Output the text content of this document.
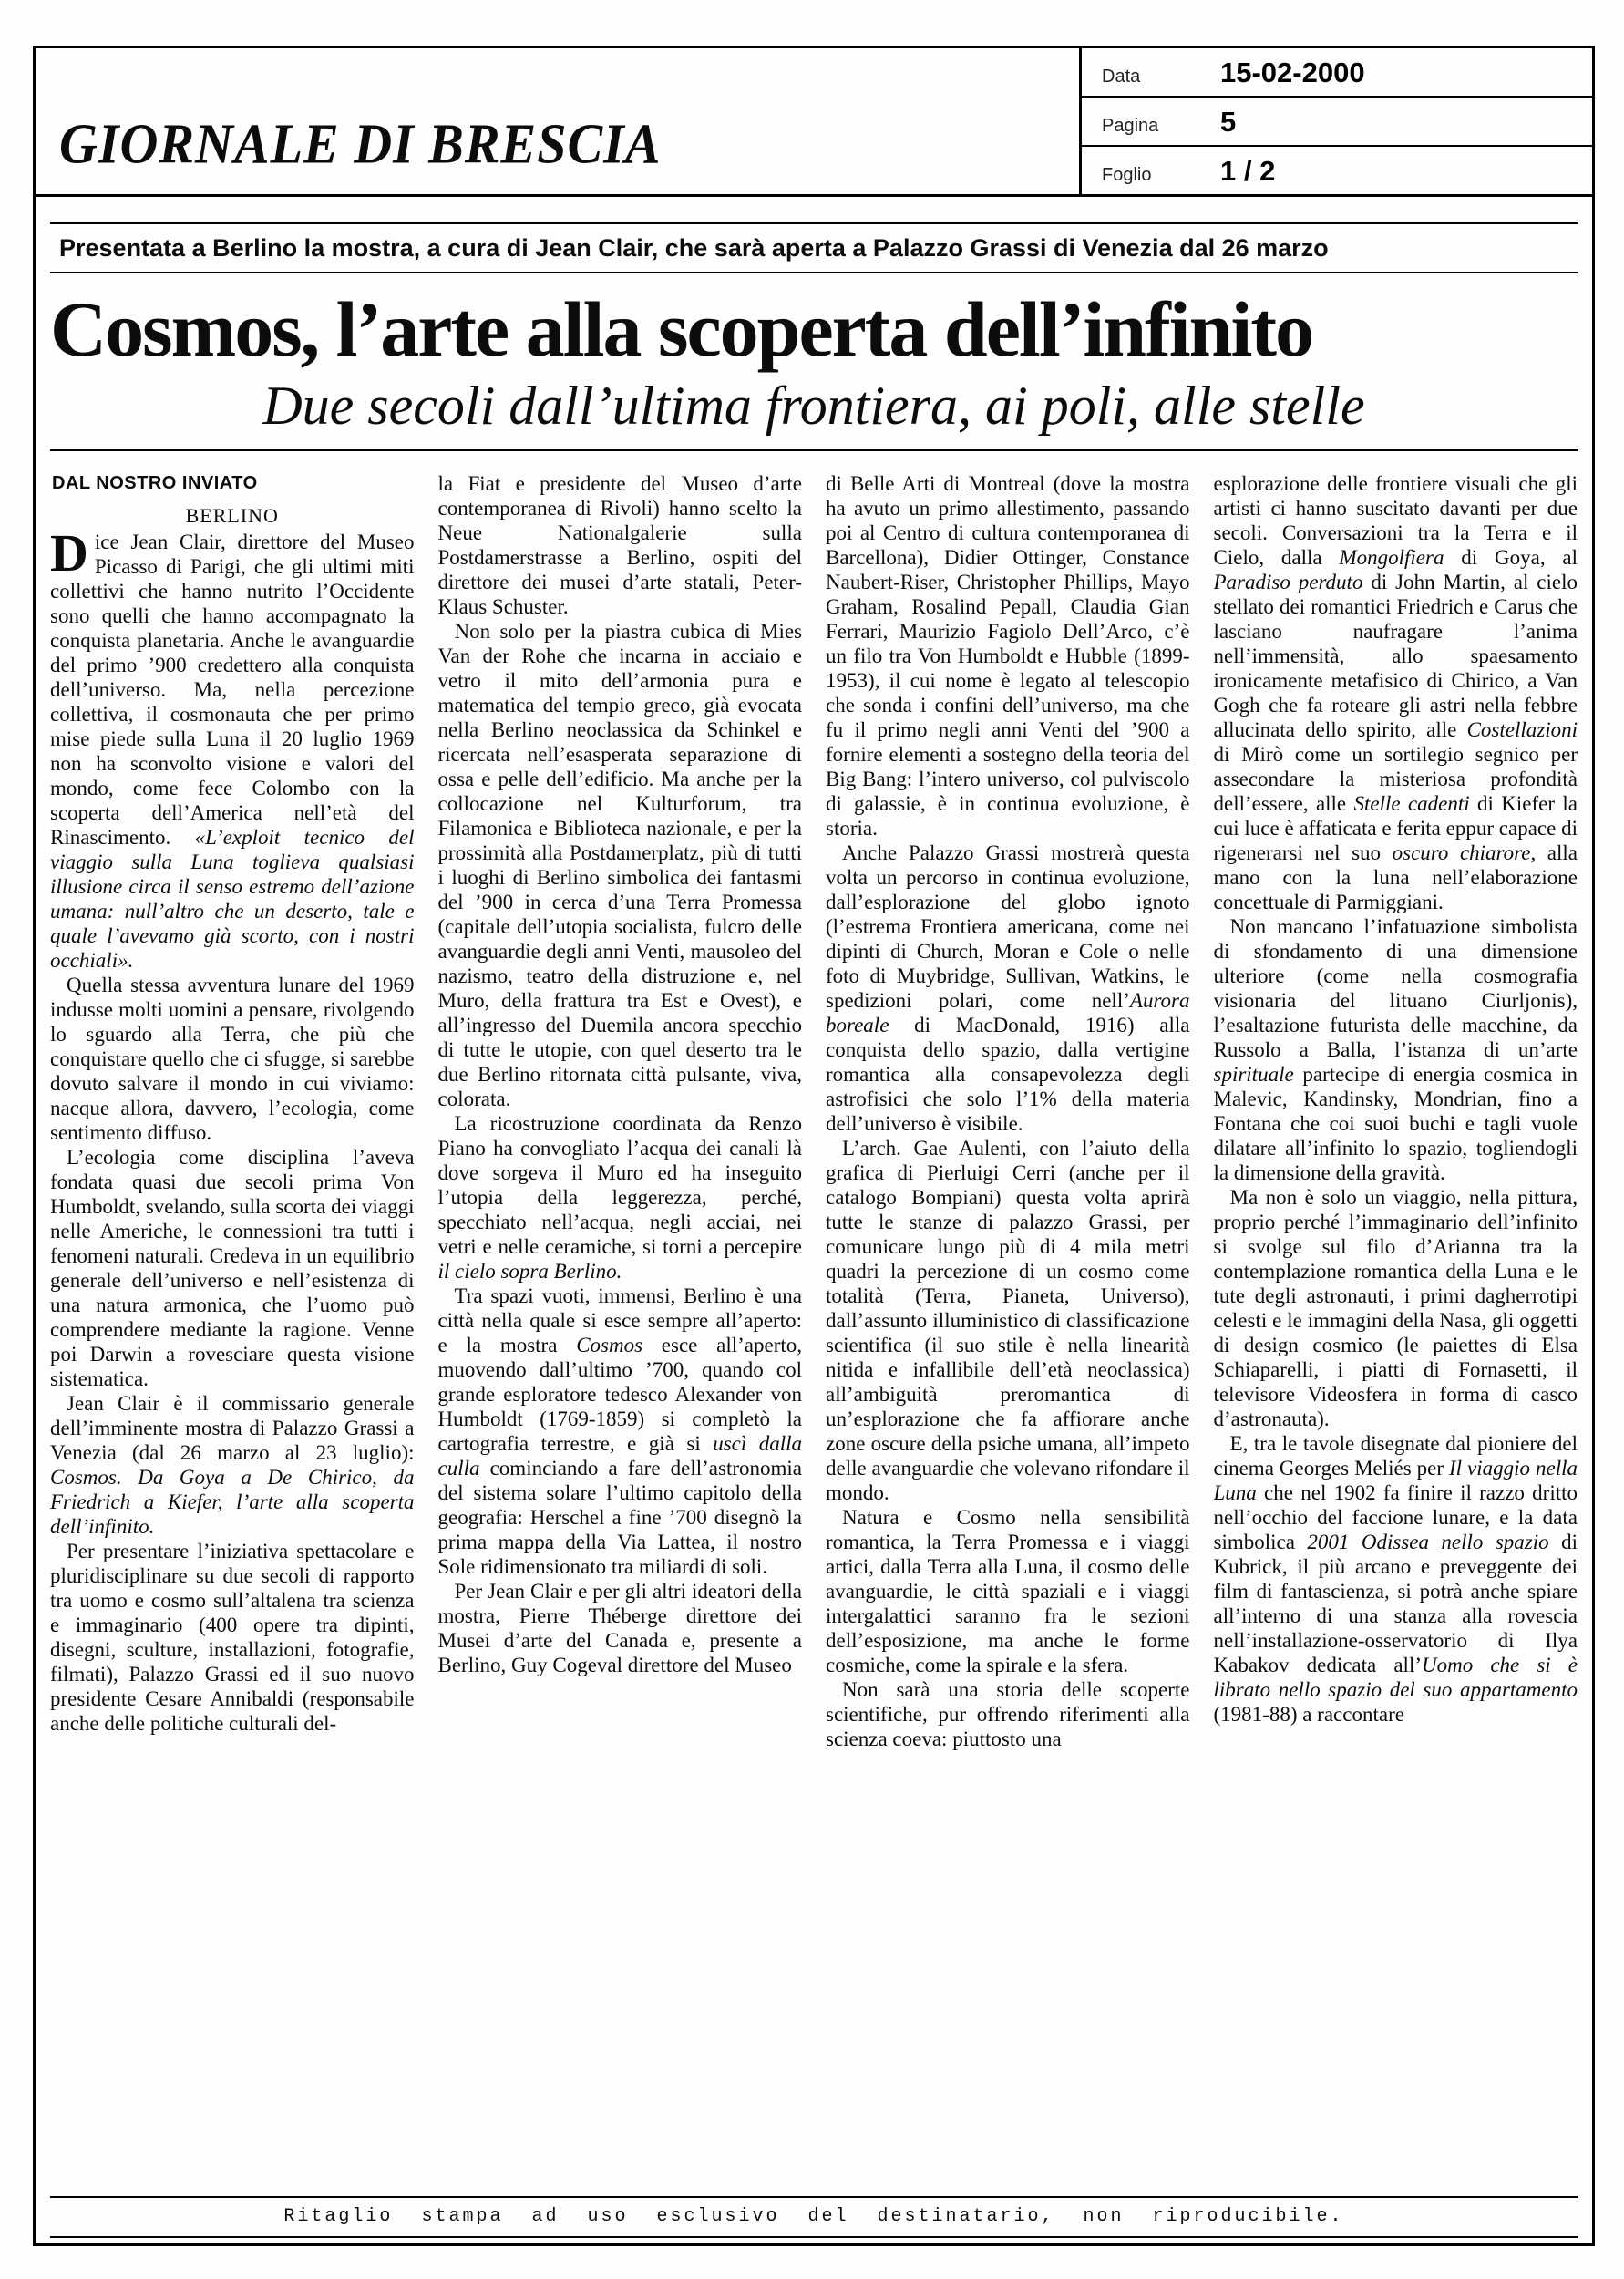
GIORNALE DI BRESCIA
Data	15-02-2000
Pagina	5
Foglio	1 / 2
Presentata a Berlino la mostra, a cura di Jean Clair, che sarà aperta a Palazzo Grassi di Venezia dal 26 marzo
Cosmos, l’arte alla scoperta dell’infinito
Due secoli dall’ultima frontiera, ai poli, alle stelle

DAL NOSTRO INVIATO

BERLINO

Dice Jean Clair, direttore del Museo Picasso di Parigi, che gli ultimi miti collettivi che hanno nutrito l’Occidente sono quelli che hanno accompagnato la conquista planetaria. Anche le avanguardie del primo ’900 credettero alla conquista dell’universo. Ma, nella percezione collettiva, il cosmonauta che per primo mise piede sulla Luna il 20 luglio 1969 non ha sconvolto visione e valori del mondo, come fece Colombo con la scoperta dell’America nell’età del Rinascimento. «L’exploit tecnico del viaggio sulla Luna toglieva qualsiasi illusione circa il senso estremo dell’azione umana: null’altro che un deserto, tale e quale l’avevamo già scorto, con i nostri occhiali».

Quella stessa avventura lunare del 1969 indusse molti uomini a pensare, rivolgendo lo sguardo alla Terra, che più che conquistare quello che ci sfugge, si sarebbe dovuto salvare il mondo in cui viviamo: nacque allora, davvero, l’ecologia, come sentimento diffuso.

L’ecologia come disciplina l’aveva fondata quasi due secoli prima Von Humboldt, svelando, sulla scorta dei viaggi nelle Americhe, le connessioni tra tutti i fenomeni naturali. Credeva in un equilibrio generale dell’universo e nell’esistenza di una natura armonica, che l’uomo può comprendere mediante la ragione. Venne poi Darwin a rovesciare questa visione sistematica.

Jean Clair è il commissario generale dell’imminente mostra di Palazzo Grassi a Venezia (dal 26 marzo al 23 luglio): Cosmos. Da Goya a De Chirico, da Friedrich a Kiefer, l’arte alla scoperta dell’infinito.

Per presentare l’iniziativa spettacolare e pluridisciplinare su due secoli di rapporto tra uomo e cosmo sull’altalena tra scienza e immaginario (400 opere tra dipinti, disegni, sculture, installazioni, fotografie, filmati), Palazzo Grassi ed il suo nuovo presidente Cesare Annibaldi (responsabile anche delle politiche culturali del-

la Fiat e presidente del Museo d’arte contemporanea di Rivoli) hanno scelto la Neue Nationalgalerie sulla Postdamerstrasse a Berlino, ospiti del direttore dei musei d’arte statali, Peter-Klaus Schuster.

Non solo per la piastra cubica di Mies Van der Rohe che incarna in acciaio e vetro il mito dell’armonia pura e matematica del tempio greco, già evocata nella Berlino neoclassica da Schinkel e ricercata nell’esasperata separazione di ossa e pelle dell’edificio. Ma anche per la collocazione nel Kulturforum, tra Filamonica e Biblioteca nazionale, e per la prossimità alla Postdamerplatz, più di tutti i luoghi di Berlino simbolica dei fantasmi del ’900 in cerca d’una Terra Promessa (capitale dell’utopia socialista, fulcro delle avanguardie degli anni Venti, mausoleo del nazismo, teatro della distruzione e, nel Muro, della frattura tra Est e Ovest), e all’ingresso del Duemila ancora specchio di tutte le utopie, con quel deserto tra le due Berlino ritornata città pulsante, viva, colorata.

La ricostruzione coordinata da Renzo Piano ha convogliato l’acqua dei canali là dove sorgeva il Muro ed ha inseguito l’utopia della leggerezza, perché, specchiato nell’acqua, negli acciai, nei vetri e nelle ceramiche, si torni a percepire il cielo sopra Berlino.

Tra spazi vuoti, immensi, Berlino è una città nella quale si esce sempre all’aperto: e la mostra Cosmos esce all’aperto, muovendo dall’ultimo ’700, quando col grande esploratore tedesco Alexander von Humboldt (1769-1859) si completò la cartografia terrestre, e già si uscì dalla culla cominciando a fare dell’astronomia del sistema solare l’ultimo capitolo della geografia: Herschel a fine ’700 disegnò la prima mappa della Via Lattea, il nostro Sole ridimensionato tra miliardi di soli.

Per Jean Clair e per gli altri ideatori della mostra, Pierre Théberge direttore dei Musei d’arte del Canada e, presente a Berlino, Guy Cogeval direttore del Museo

di Belle Arti di Montreal (dove la mostra ha avuto un primo allestimento, passando poi al Centro di cultura contemporanea di Barcellona), Didier Ottinger, Constance Naubert-Riser, Christopher Phillips, Mayo Graham, Rosalind Pepall, Claudia Gian Ferrari, Maurizio Fagiolo Dell’Arco, c’è un filo tra Von Humboldt e Hubble (1899-1953), il cui nome è legato al telescopio che sonda i confini dell’universo, ma che fu il primo negli anni Venti del ’900 a fornire elementi a sostegno della teoria del Big Bang: l’intero universo, col pulviscolo di galassie, è in continua evoluzione, è storia.

Anche Palazzo Grassi mostrerà questa volta un percorso in continua evoluzione, dall’esplorazione del globo ignoto (l’estrema Frontiera americana, come nei dipinti di Church, Moran e Cole o nelle foto di Muybridge, Sullivan, Watkins, le spedizioni polari, come nell’Aurora boreale di MacDonald, 1916) alla conquista dello spazio, dalla vertigine romantica alla consapevolezza degli astrofisici che solo l’1% della materia dell’universo è visibile.

L’arch. Gae Aulenti, con l’aiuto della grafica di Pierluigi Cerri (anche per il catalogo Bompiani) questa volta aprirà tutte le stanze di palazzo Grassi, per comunicare lungo più di 4 mila metri quadri la percezione di un cosmo come totalità (Terra, Pianeta, Universo), dall’assunto illuministico di classificazione scientifica (il suo stile è nella linearità nitida e infallibile dell’età neoclassica) all’ambiguità preromantica di un’esplorazione che fa affiorare anche zone oscure della psiche umana, all’impeto delle avanguardie che volevano rifondare il mondo.

Natura e Cosmo nella sensibilità romantica, la Terra Promessa e i viaggi artici, dalla Terra alla Luna, il cosmo delle avanguardie, le città spaziali e i viaggi intergalattici saranno fra le sezioni dell’esposizione, ma anche le forme cosmiche, come la spirale e la sfera.

Non sarà una storia delle scoperte scientifiche, pur offrendo riferimenti alla scienza coeva: piuttosto una

esplorazione delle frontiere visuali che gli artisti ci hanno suscitato davanti per due secoli. Conversazioni tra la Terra e il Cielo, dalla Mongolfiera di Goya, al Paradiso perduto di John Martin, al cielo stellato dei romantici Friedrich e Carus che lasciano naufragare l’anima nell’immensità, allo spaesamento ironicamente metafisico di Chirico, a Van Gogh che fa roteare gli astri nella febbre allucinata dello spirito, alle Costellazioni di Mirò come un sortilegio segnico per assecondare la misteriosa profondità dell’essere, alle Stelle cadenti di Kiefer la cui luce è affaticata e ferita eppur capace di rigenerarsi nel suo oscuro chiarore, alla mano con la luna nell’elaborazione concettuale di Parmiggiani.

Non mancano l’infatuazione simbolista di sfondamento di una dimensione ulteriore (come nella cosmografia visionaria del lituano Ciurljonis), l’esaltazione futurista delle macchine, da Russolo a Balla, l’istanza di un’arte spirituale partecipe di energia cosmica in Malevic, Kandinsky, Mondrian, fino a Fontana che coi suoi buchi e tagli vuole dilatare all’infinito lo spazio, togliendogli la dimensione della gravità.

Ma non è solo un viaggio, nella pittura, proprio perché l’immaginario dell’infinito si svolge sul filo d’Arianna tra la contemplazione romantica della Luna e le tute degli astronauti, i primi dagherrotipi celesti e le immagini della Nasa, gli oggetti di design cosmico (le paiettes di Elsa Schiaparelli, i piatti di Fornasetti, il televisore Videosfera in forma di casco d’astronauta).

E, tra le tavole disegnate dal pioniere del cinema Georges Meliés per Il viaggio nella Luna che nel 1902 fa finire il razzo dritto nell’occhio del faccione lunare, e la data simbolica 2001 Odissea nello spazio di Kubrick, il più arcano e preveggente dei film di fantascienza, si potrà anche spiare all’interno di una stanza alla rovescia nell’installazione-osservatorio di Ilya Kabakov dedicata all’Uomo che si è librato nello spazio del suo appartamento (1981-88) a raccontare

Ritaglio stampa ad uso esclusivo del destinatario, non riproducibile.
